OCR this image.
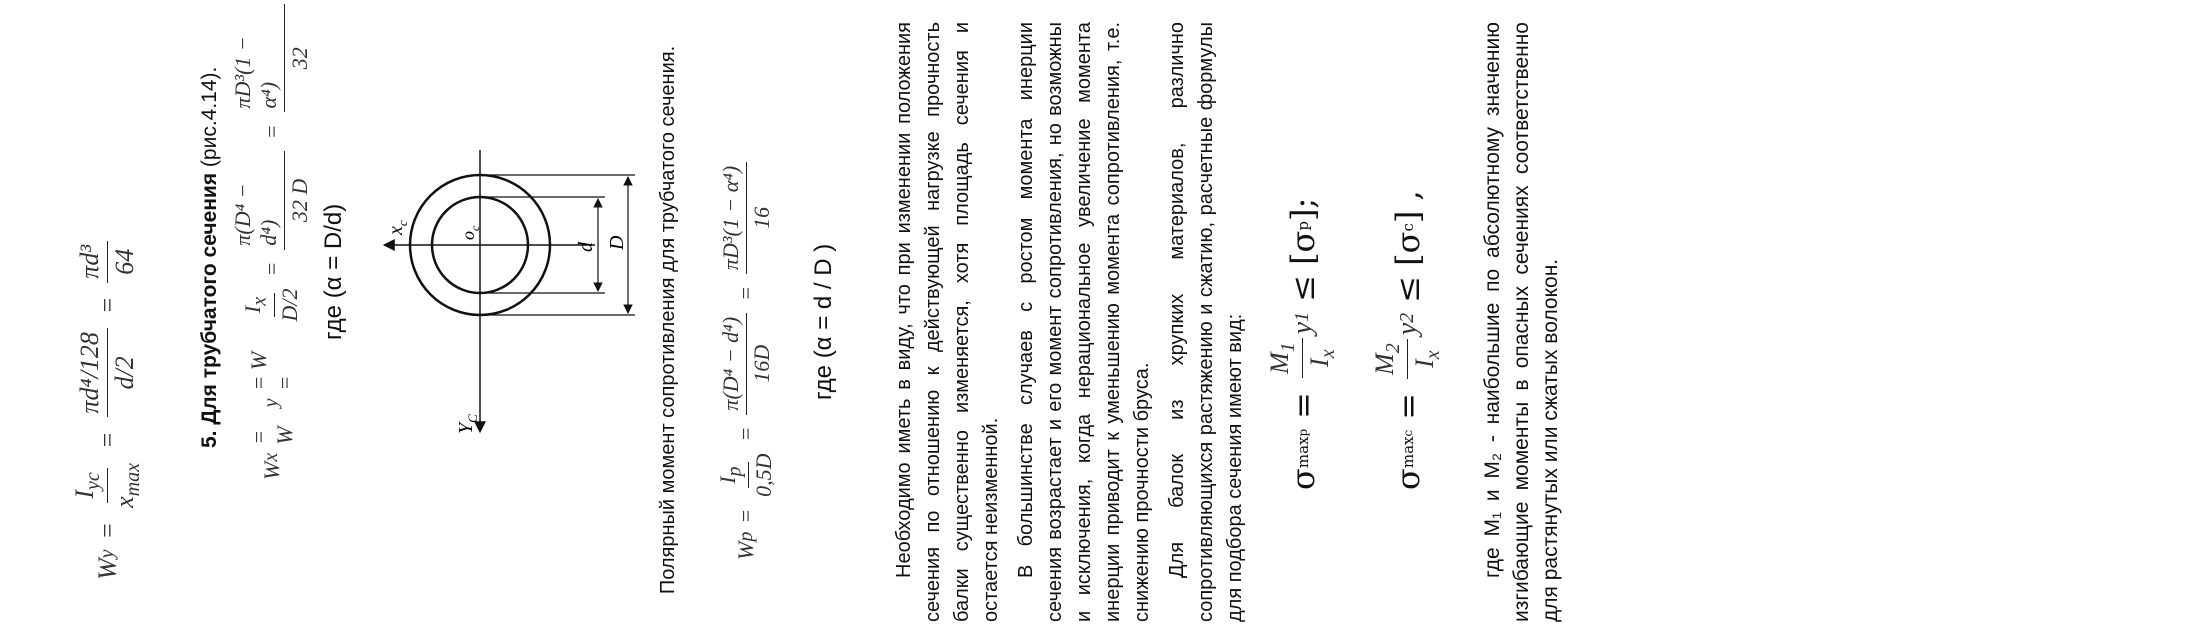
W
y
=
$I_{yc}$
$x_{max}$
=
πd⁴/128 d/2
=
πd³ 64	5. Для трубчатого сечения (рис.4.14).
W
x
= W
y
= W =
$I_x$ D/2
=
π(D⁴ − d⁴)
32 D
=
πD³(1 − α⁴)
32
где (α = D/d)	d D
$x_c$
$Y_C$
$o_c$	Полярный момент сопротивления для трубчатого сечения. W
p
=
$I_p$ 0,5D
=
π(D⁴ − d⁴) 16D
=
πD³(1 − α⁴) 16
где (α = d / D )	Необходимо иметь в виду, что при изменении положения сечения по отношению к действующей нагрузке прочность балки существенно изменяется, хотя площадь сечения и остается неизменной. В большинстве случаев с ростом момента инерции сечения возрастает и его момент сопротивления, но возможны и исключения, когда нерациональное увеличение момента инерции приводит к уменьшению момента сопротивления, т.е. снижению прочности бруса. Для балок из хрупких материалов, различно сопротивляющихся растяжению и сжатию, расчетные формулы для подбора сечения имеют вид: σ
max
p
=
$M_1$
$I_x$
y
1
≤ [σ
p
];
σ
max
c
=
$M_2$
$I_x$
y
2
≤ [σ
c
] ,	где M₁ и M₂ - наибольшие по абсолютному значению изгибающие моменты в опасных сечениях соответственно для растянутых или сжатых волокон.
